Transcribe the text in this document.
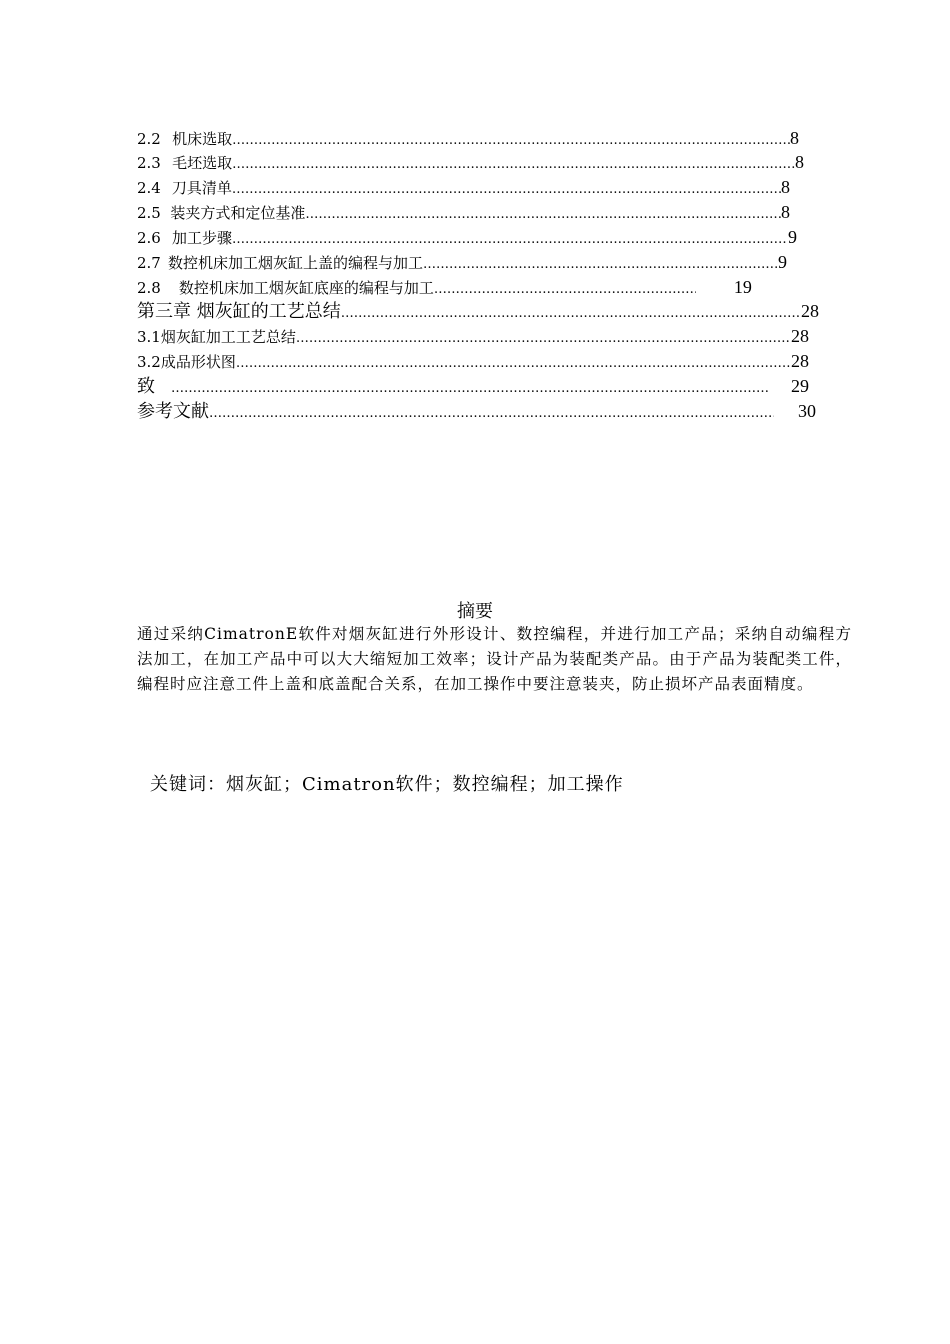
2.2 机床选取 ………………………………………………………………………………………………………………………………………………………………………………………	8
2.3 毛坯选取 ………………………………………………………………………………………………………………………………………………………………………………………	8
2.4 刀具清单 ………………………………………………………………………………………………………………………………………………………………………………………	8
2.5 装夹方式和定位基准 ………………………………………………………………………………………………………………………………………………………………………………………	8
2.6 加工步骤 ………………………………………………………………………………………………………………………………………………………………………………………	9
2.7 数控机床加工烟灰缸上盖的编程与加工 ………………………………………………………………………………………………………………………………………………………………………………………	9
2.8 数控机床加工烟灰缸底座的编程与加工 ………………………………………………………………………………………………………………………………………………………………………………………	19
第三章 烟灰缸的工艺总结 ………………………………………………………………………………………………………………………………………………………………………………………	28
3.1 烟灰缸加工工艺总结 ………………………………………………………………………………………………………………………………………………………………………………………	28
3.2 成品形状图 ………………………………………………………………………………………………………………………………………………………………………………………	28
致 ………………………………………………………………………………………………………………………………………………………………………………………	29
参考文献 ………………………………………………………………………………………………………………………………………………………………………………………	30
摘要
通过采纳CimatronE软件对烟灰缸进行外形设计、数控编程，并进行加工产品；采纳自动编程方法加工，在加工产品中可以大大缩短加工效率；设计产品为装配类产品。由于产品为装配类工件，编程时应注意工件上盖和底盖配合关系，在加工操作中要注意装夹，防止损坏产品表面精度。
关键词：烟灰缸；Cimatron软件；数控编程；加工操作
